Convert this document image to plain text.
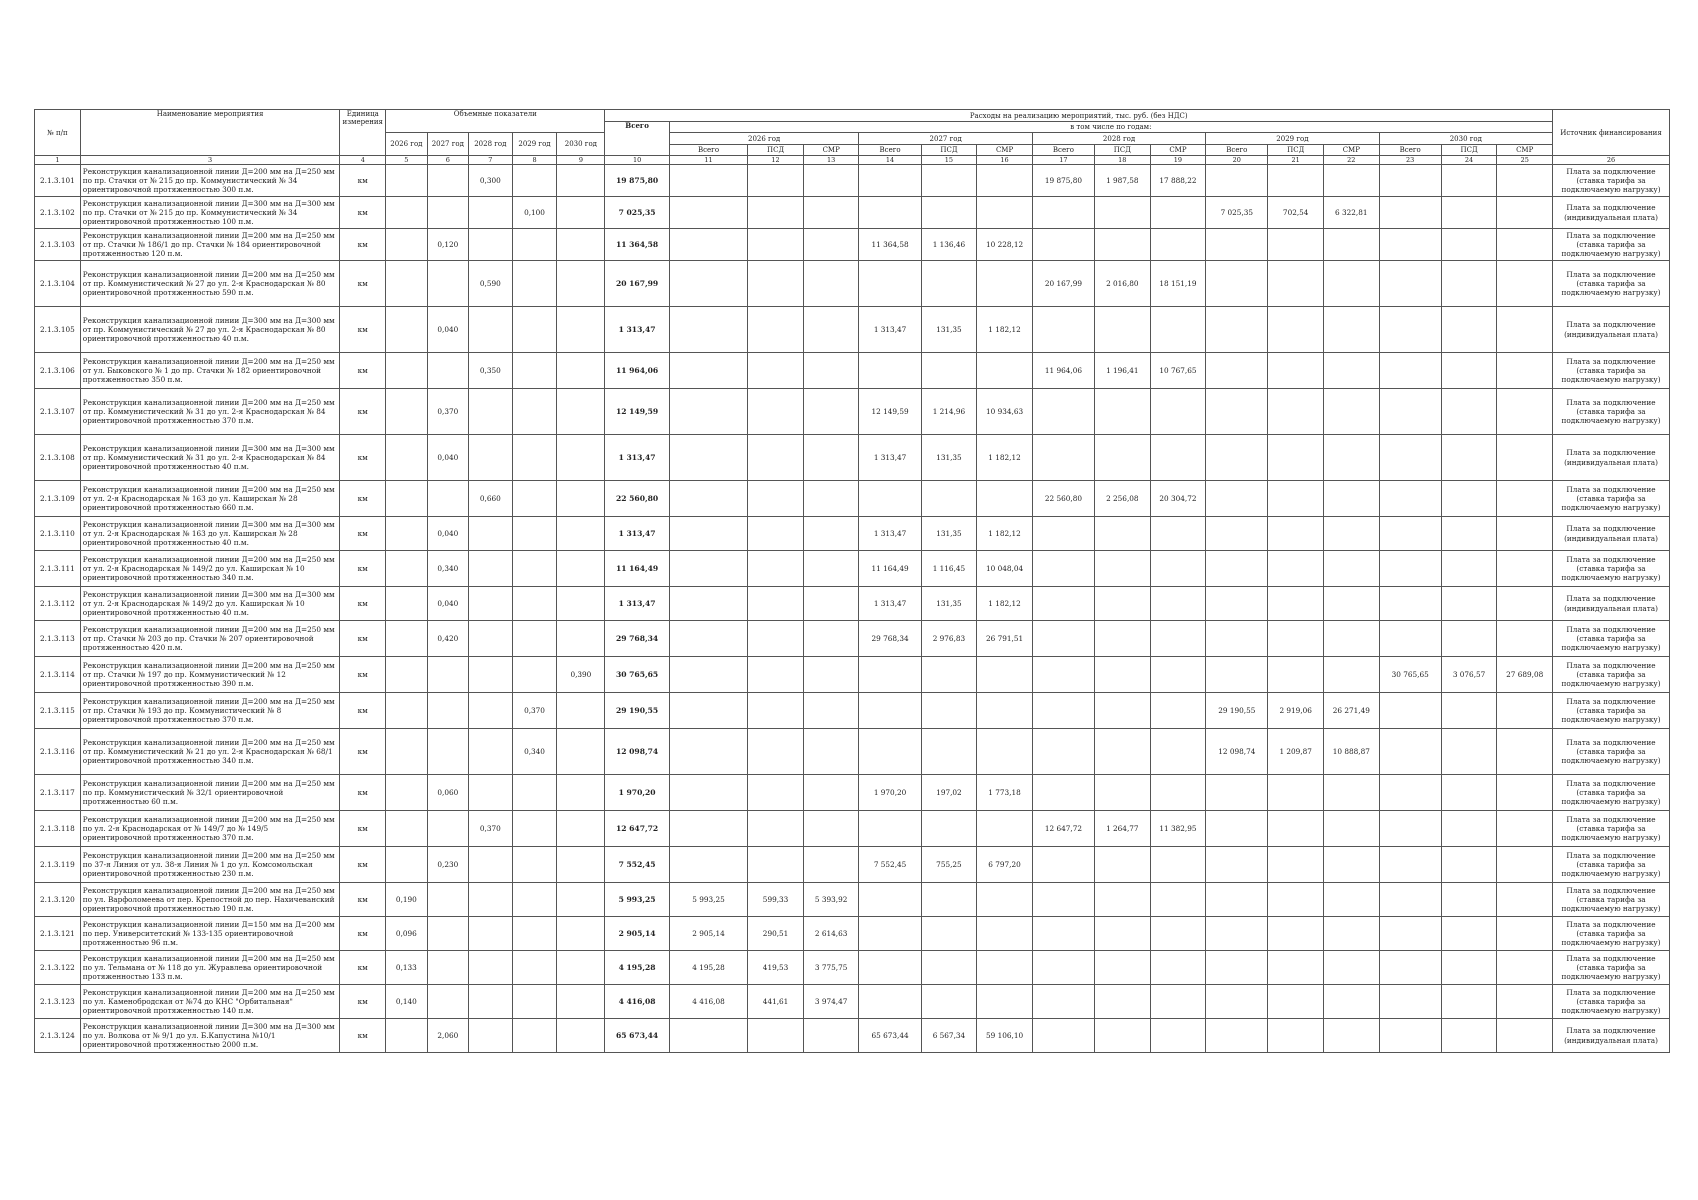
№ п/п	Наименование мероприятия	Единица измерения	Объемные показатели					Расходы на реализацию мероприятий, тыс. руб. (без НДС)																Источник финансирования
								Всего	в том числе по годам:															
			2026 год	2027 год	2028 год	2029 год	2030 год		2026 год			2027 год			2028 год			2029 год			2030 год			
									Всего	ПСД	СМР	Всего	ПСД	СМР	Всего	ПСД	СМР	Всего	ПСД	СМР	Всего	ПСД	СМР	
1	3	4	5	6	7	8	9	10	11	12	13	14	15	16	17	18	19	20	21	22	23	24	25	26
2.1.3.101	Реконструкция канализационной линии Д=200 мм на Д=250 мм по пр. Стачки от № 215 до пр. Коммунистический № 34 ориентировочной протяженностью 300 п.м.	км			0,300			19 875,80							19 875,80	1 987,58	17 888,22							Плата за подключение (ставка тарифа за подключаемую нагрузку)
2.1.3.102	Реконструкция канализационной линии Д=300 мм на Д=300 мм по пр. Стачки от № 215 до пр. Коммунистический № 34 ориентировочной протяженностью 100 п.м.	км				0,100		7 025,35										7 025,35	702,54	6 322,81				Плата за подключение (индивидуальная плата)
2.1.3.103	Реконструкция канализационной линии Д=200 мм на Д=250 мм от пр. Стачки № 186/1 до пр. Стачки № 184 ориентировочной протяженностью 120 п.м.	км		0,120				11 364,58				11 364,58	1 136,46	10 228,12										Плата за подключение (ставка тарифа за подключаемую нагрузку)
2.1.3.104	Реконструкция канализационной линии Д=200 мм на Д=250 мм от пр. Коммунистический № 27 до ул. 2-я Краснодарская № 80 ориентировочной протяженностью 590 п.м.	км			0,590			20 167,99							20 167,99	2 016,80	18 151,19							Плата за подключение (ставка тарифа за подключаемую нагрузку)
2.1.3.105	Реконструкция канализационной линии Д=300 мм на Д=300 мм от пр. Коммунистический № 27 до ул. 2-я Краснодарская № 80 ориентировочной протяженностью 40 п.м.	км		0,040				1 313,47				1 313,47	131,35	1 182,12										Плата за подключение (индивидуальная плата)
2.1.3.106	Реконструкция канализационной линии Д=200 мм на Д=250 мм от ул. Быковского № 1 до пр. Стачки № 182 ориентировочной протяженностью 350 п.м.	км			0,350			11 964,06							11 964,06	1 196,41	10 767,65							Плата за подключение (ставка тарифа за подключаемую нагрузку)
2.1.3.107	Реконструкция канализационной линии Д=200 мм на Д=250 мм от пр. Коммунистический № 31 до ул. 2-я Краснодарская № 84 ориентировочной протяженностью 370 п.м.	км		0,370				12 149,59				12 149,59	1 214,96	10 934,63										Плата за подключение (ставка тарифа за подключаемую нагрузку)
2.1.3.108	Реконструкция канализационной линии Д=300 мм на Д=300 мм от пр. Коммунистический № 31 до ул. 2-я Краснодарская № 84 ориентировочной протяженностью 40 п.м.	км		0,040				1 313,47				1 313,47	131,35	1 182,12										Плата за подключение (индивидуальная плата)
2.1.3.109	Реконструкция канализационной линии Д=200 мм на Д=250 мм от ул. 2-я Краснодарская № 163 до ул. Каширская № 28 ориентировочной протяженностью 660 п.м.	км			0,660			22 560,80							22 560,80	2 256,08	20 304,72							Плата за подключение (ставка тарифа за подключаемую нагрузку)
2.1.3.110	Реконструкция канализационной линии Д=300 мм на Д=300 мм от ул. 2-я Краснодарская № 163 до ул. Каширская № 28 ориентировочной протяженностью 40 п.м.	км		0,040				1 313,47				1 313,47	131,35	1 182,12										Плата за подключение (индивидуальная плата)
2.1.3.111	Реконструкция канализационной линии Д=200 мм на Д=250 мм от ул. 2-я Краснодарская № 149/2 до ул. Каширская № 10 ориентировочной протяженностью 340 п.м.	км		0,340				11 164,49				11 164,49	1 116,45	10 048,04										Плата за подключение (ставка тарифа за подключаемую нагрузку)
2.1.3.112	Реконструкция канализационной линии Д=300 мм на Д=300 мм от ул. 2-я Краснодарская № 149/2 до ул. Каширская № 10 ориентировочной протяженностью 40 п.м.	км		0,040				1 313,47				1 313,47	131,35	1 182,12										Плата за подключение (индивидуальная плата)
2.1.3.113	Реконструкция канализационной линии Д=200 мм на Д=250 мм от пр. Стачки № 203 до пр. Стачки № 207 ориентировочной протяженностью 420 п.м.	км		0,420				29 768,34				29 768,34	2 976,83	26 791,51										Плата за подключение (ставка тарифа за подключаемую нагрузку)
2.1.3.114	Реконструкция канализационной линии Д=200 мм на Д=250 мм от пр. Стачки № 197 до пр. Коммунистический № 12 ориентировочной протяженностью 390 п.м.	км					0,390	30 765,65													30 765,65	3 076,57	27 689,08	Плата за подключение (ставка тарифа за подключаемую нагрузку)
2.1.3.115	Реконструкция канализационной линии Д=200 мм на Д=250 мм от пр. Стачки № 193 до пр. Коммунистический № 8 ориентировочной протяженностью 370 п.м.	км				0,370		29 190,55										29 190,55	2 919,06	26 271,49				Плата за подключение (ставка тарифа за подключаемую нагрузку)
2.1.3.116	Реконструкция канализационной линии Д=200 мм на Д=250 мм от пр. Коммунистический № 21 до ул. 2-я Краснодарская № 68/1 ориентировочной протяженностью 340 п.м.	км				0,340		12 098,74										12 098,74	1 209,87	10 888,87				Плата за подключение (ставка тарифа за подключаемую нагрузку)
2.1.3.117	Реконструкция канализационной линии Д=200 мм на Д=250 мм по пр. Коммунистический № 32/1 ориентировочной протяженностью 60 п.м.	км		0,060				1 970,20				1 970,20	197,02	1 773,18										Плата за подключение (ставка тарифа за подключаемую нагрузку)
2.1.3.118	Реконструкция канализационной линии Д=200 мм на Д=250 мм по ул. 2-я Краснодарская от № 149/7 до № 149/5 ориентировочной протяженностью 370 п.м.	км			0,370			12 647,72							12 647,72	1 264,77	11 382,95							Плата за подключение (ставка тарифа за подключаемую нагрузку)
2.1.3.119	Реконструкция канализационной линии Д=200 мм на Д=250 мм по 37-я Линия от ул. 38-я Линия № 1 до ул. Комсомольская ориентировочной протяженностью 230 п.м.	км		0,230				7 552,45				7 552,45	755,25	6 797,20										Плата за подключение (ставка тарифа за подключаемую нагрузку)
2.1.3.120	Реконструкция канализационной линии Д=200 мм на Д=250 мм по ул. Варфоломеева от пер. Крепостной до пер. Нахичеванский ориентировочной протяженностью 190 п.м.	км	0,190					5 993,25	5 993,25	599,33	5 393,92													Плата за подключение (ставка тарифа за подключаемую нагрузку)
2.1.3.121	Реконструкция канализационной линии Д=150 мм на Д=200 мм по пер. Университетский № 133-135 ориентировочной протяженностью 96 п.м.	км	0,096					2 905,14	2 905,14	290,51	2 614,63													Плата за подключение (ставка тарифа за подключаемую нагрузку)
2.1.3.122	Реконструкция канализационной линии Д=200 мм на Д=250 мм по ул. Тельмана от № 118 до ул. Журавлева ориентировочной протяженностью 133 п.м.	км	0,133					4 195,28	4 195,28	419,53	3 775,75													Плата за подключение (ставка тарифа за подключаемую нагрузку)
2.1.3.123	Реконструкция канализационной линии Д=200 мм на Д=250 мм по ул. Каменобродская от №74 до КНС "Орбитальная" ориентировочной протяженностью 140 п.м.	км	0,140					4 416,08	4 416,08	441,61	3 974,47													Плата за подключение (ставка тарифа за подключаемую нагрузку)
2.1.3.124	Реконструкция канализационной линии Д=300 мм на Д=300 мм по ул. Волкова от № 9/1 до ул. Б.Капустина №10/1 ориентировочной протяженностью 2000 п.м.	км		2,060				65 673,44				65 673,44	6 567,34	59 106,10										Плата за подключение (индивидуальная плата)
